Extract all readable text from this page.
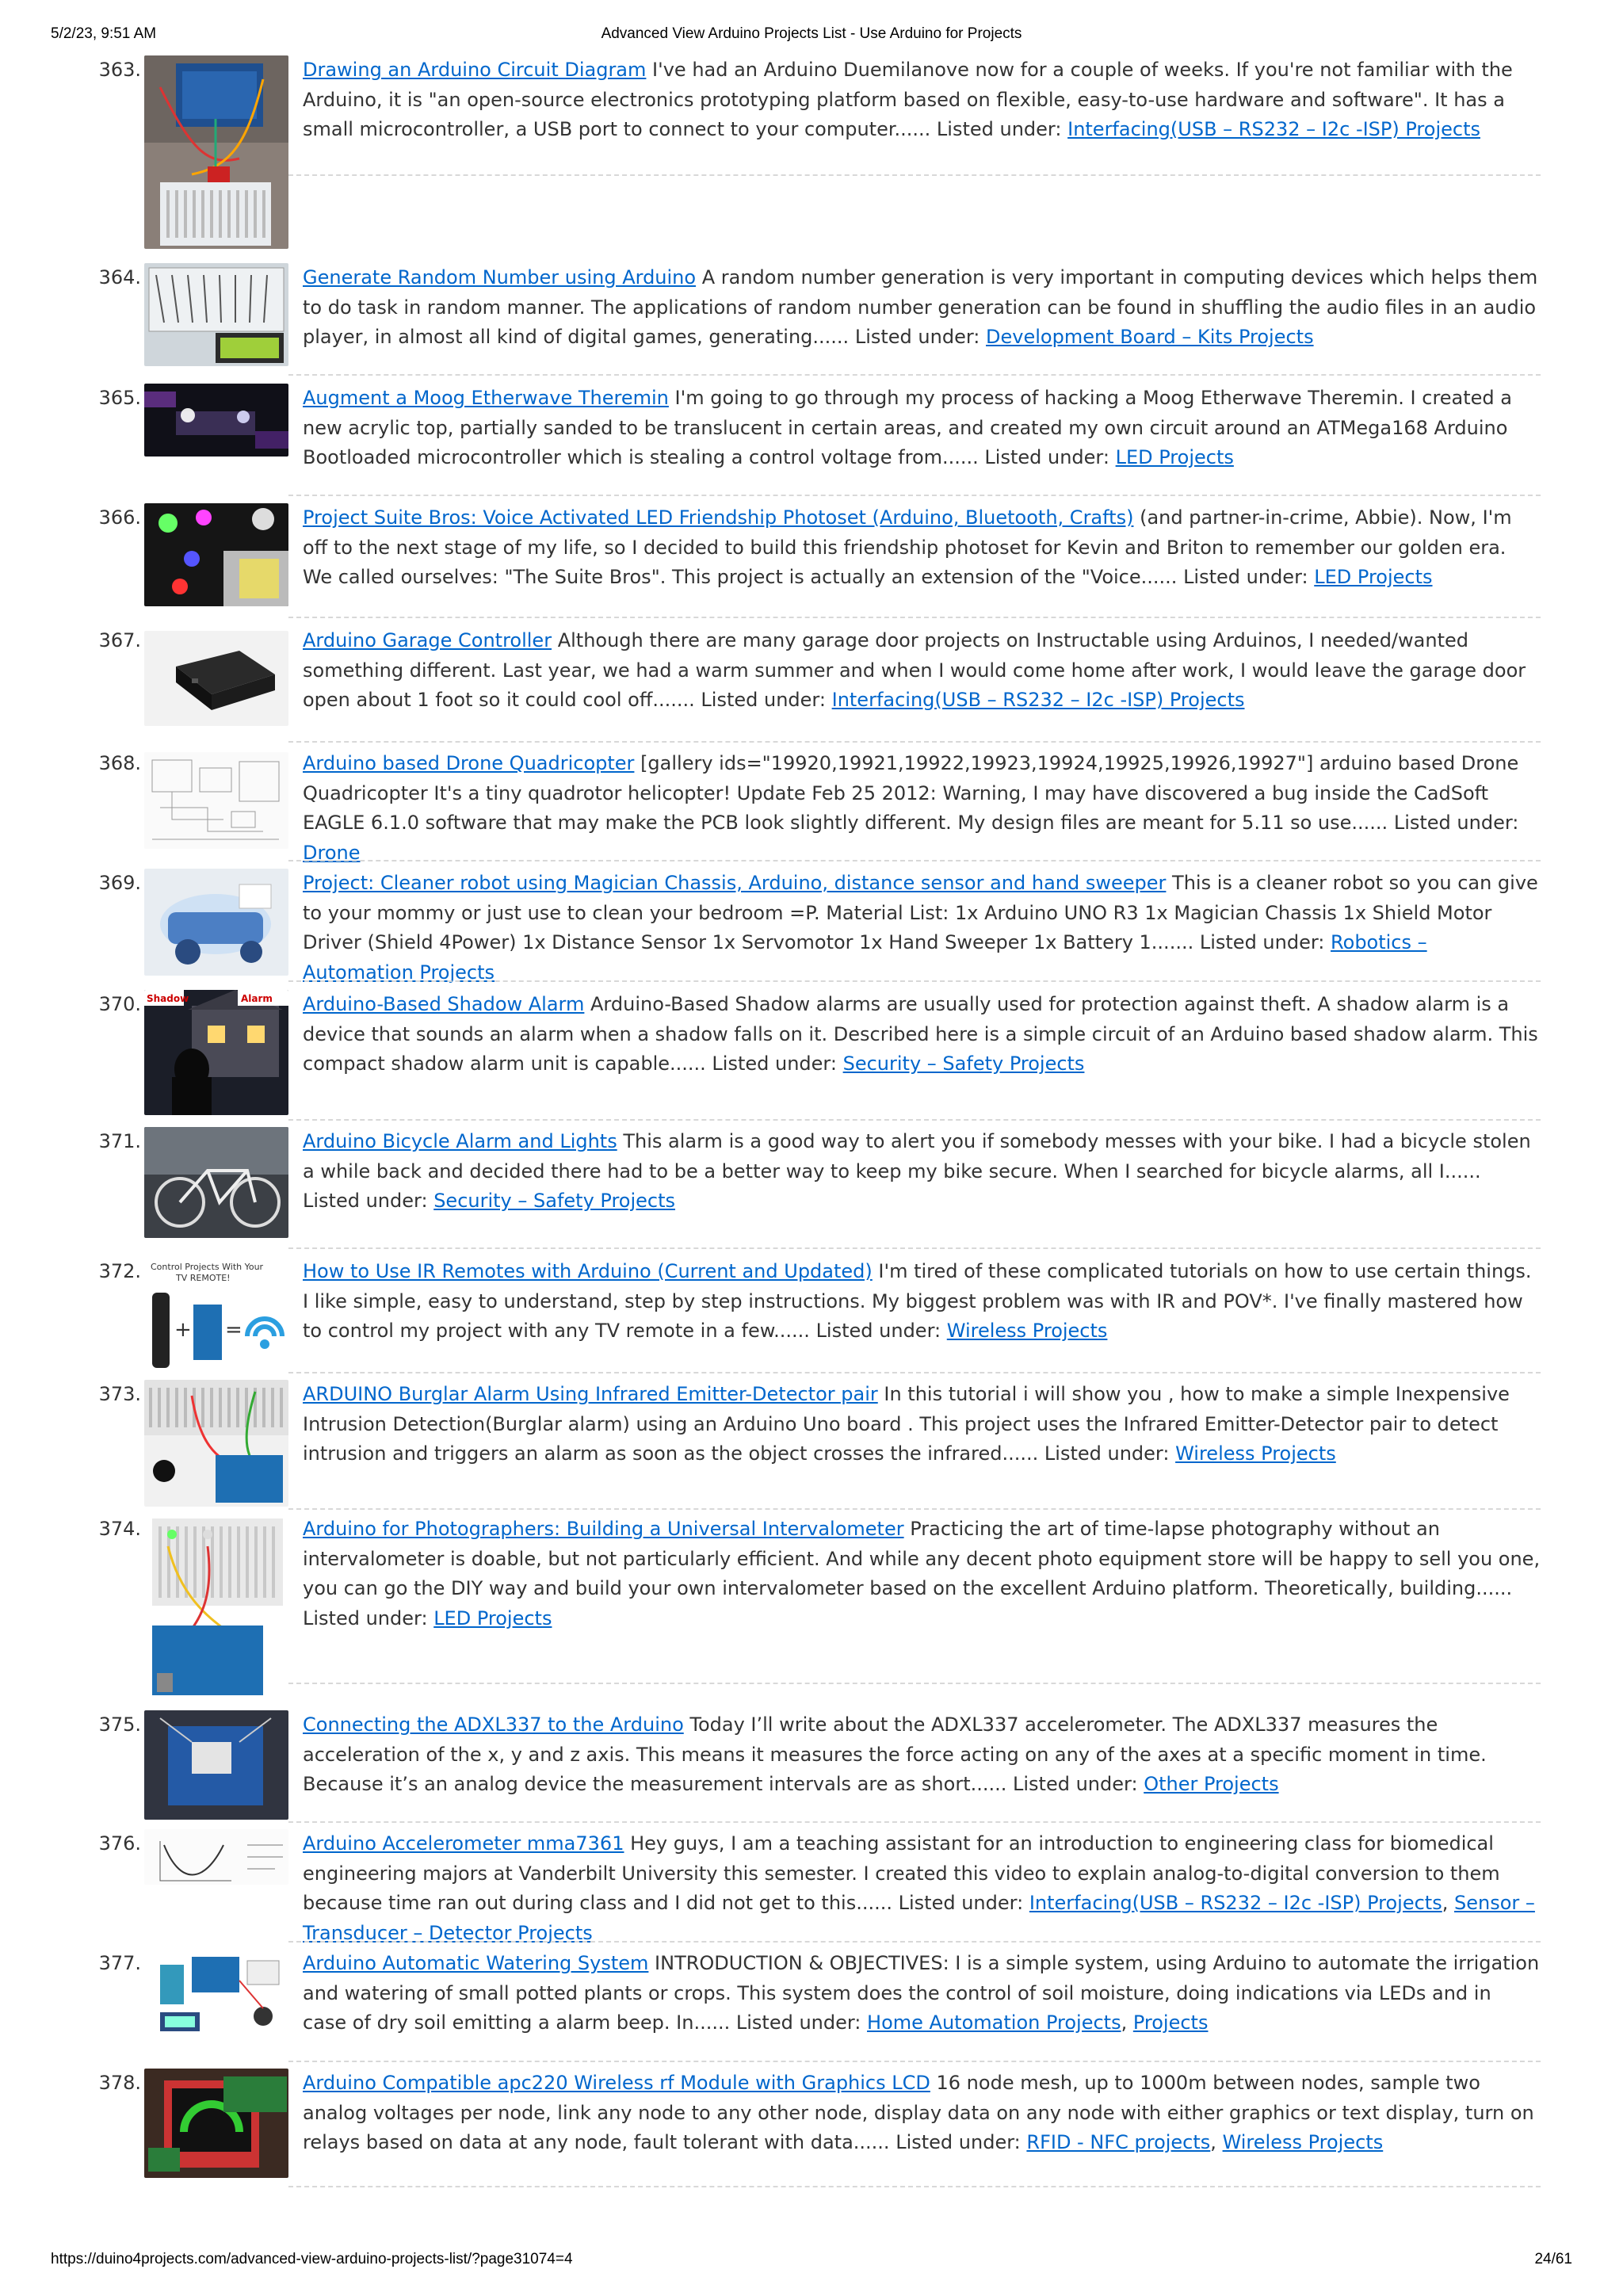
5/2/23, 9:51 AM	Advanced View Arduino Projects List - Use Arduino for Projects
363.	Drawing an Arduino Circuit Diagram I've had an Arduino Duemilanove now for a couple of weeks. If you're not familiar with the Arduino, it is "an open-source electronics prototyping platform based on flexible, easy-to-use hardware and software". It has a small microcontroller, a USB port to connect to your computer...... Listed under: Interfacing(USB – RS232 – I2c -ISP) Projects
364.	Generate Random Number using Arduino A random number generation is very important in computing devices which helps them to do task in random manner. The applications of random number generation can be found in shuffling the audio files in an audio player, in almost all kind of digital games, generating...... Listed under: Development Board – Kits Projects
365.	Augment a Moog Etherwave Theremin I'm going to go through my process of hacking a Moog Etherwave Theremin. I created a new acrylic top, partially sanded to be translucent in certain areas, and created my own circuit around an ATMega168 Arduino Bootloaded microcontroller which is stealing a control voltage from...... Listed under: LED Projects
366.	Project Suite Bros: Voice Activated LED Friendship Photoset (Arduino, Bluetooth, Crafts) (and partner-in-crime, Abbie). Now, I'm off to the next stage of my life, so I decided to build this friendship photoset for Kevin and Briton to remember our golden era. We called ourselves: "The Suite Bros". This project is actually an extension of the "Voice...... Listed under: LED Projects
367.	Arduino Garage Controller Although there are many garage door projects on Instructable using Arduinos, I needed/wanted something different. Last year, we had a warm summer and when I would come home after work, I would leave the garage door open about 1 foot so it could cool off....... Listed under: Interfacing(USB – RS232 – I2c -ISP) Projects
368.	Arduino based Drone Quadricopter [gallery ids="19920,19921,19922,19923,19924,19925,19926,19927"] arduino based Drone Quadricopter It's a tiny quadrotor helicopter! Update Feb 25 2012: Warning, I may have discovered a bug inside the CadSoft EAGLE 6.1.0 software that may make the PCB look slightly different. My design files are meant for 5.11 so use...... Listed under: Drone
369.	Project: Cleaner robot using Magician Chassis, Arduino, distance sensor and hand sweeper This is a cleaner robot so you can give to your mommy or just use to clean your bedroom =P. Material List: 1x Arduino UNO R3 1x Magician Chassis 1x Shield Motor Driver (Shield 4Power) 1x Distance Sensor 1x Servomotor 1x Hand Sweeper 1x Battery 1....... Listed under: Robotics – Automation Projects
370. Shadow	Alarm Arduino-Based Shadow Alarm Arduino-Based Shadow alarms are usually used for protection against theft. A shadow alarm is a device that sounds an alarm when a shadow falls on it. Described here is a simple circuit of an Arduino based shadow alarm. This compact shadow alarm unit is capable...... Listed under: Security – Safety Projects
371.	Arduino Bicycle Alarm and Lights This alarm is a good way to alert you if somebody messes with your bike. I had a bicycle stolen a while back and decided there had to be a better way to keep my bike secure. When I searched for bicycle alarms, all I...... Listed under: Security – Safety Projects
372. Control Projects With Your
TV REMOTE!
+ =
How to Use IR Remotes with Arduino (Current and Updated) I'm tired of these complicated tutorials on how to use certain things. I like simple, easy to understand, step by step instructions. My biggest problem was with IR and POV*. I've finally mastered how to control my project with any TV remote in a few...... Listed under: Wireless Projects
373.	ARDUINO Burglar Alarm Using Infrared Emitter-Detector pair In this tutorial i will show you , how to make a simple Inexpensive Intrusion Detection(Burglar alarm) using an Arduino Uno board . This project uses the Infrared Emitter-Detector pair to detect intrusion and triggers an alarm as soon as the object crosses the infrared...... Listed under: Wireless Projects
374.	Arduino for Photographers: Building a Universal Intervalometer Practicing the art of time-lapse photography without an intervalometer is doable, but not particularly efficient. And while any decent photo equipment store will be happy to sell you one, you can go the DIY way and build your own intervalometer based on the excellent Arduino platform. Theoretically, building...... Listed under: LED Projects
375.	Connecting the ADXL337 to the Arduino Today I’ll write about the ADXL337 accelerometer. The ADXL337 measures the acceleration of the x, y and z axis. This means it measures the force acting on any of the axes at a specific moment in time. Because it’s an analog device the measurement intervals are as short...... Listed under: Other Projects
376.	Arduino Accelerometer mma7361 Hey guys, I am a teaching assistant for an introduction to engineering class for biomedical engineering majors at Vanderbilt University this semester. I created this video to explain analog-to-digital conversion to them because time ran out during class and I did not get to this...... Listed under: Interfacing(USB – RS232 – I2c -ISP) Projects, Sensor – Transducer – Detector Projects
377.	Arduino Automatic Watering System INTRODUCTION & OBJECTIVES: I is a simple system, using Arduino to automate the irrigation and watering of small potted plants or crops. This system does the control of soil moisture, doing indications via LEDs and in case of dry soil emitting a alarm beep. In...... Listed under: Home Automation Projects, Projects
378.	Arduino Compatible apc220 Wireless rf Module with Graphics LCD 16 node mesh, up to 1000m between nodes, sample two analog voltages per node, link any node to any other node, display data on any node with either graphics or text display, turn on relays based on data at any node, fault tolerant with data...... Listed under: RFID - NFC projects, Wireless Projects
https://duino4projects.com/advanced-view-arduino-projects-list/?page31074=4	24/61
